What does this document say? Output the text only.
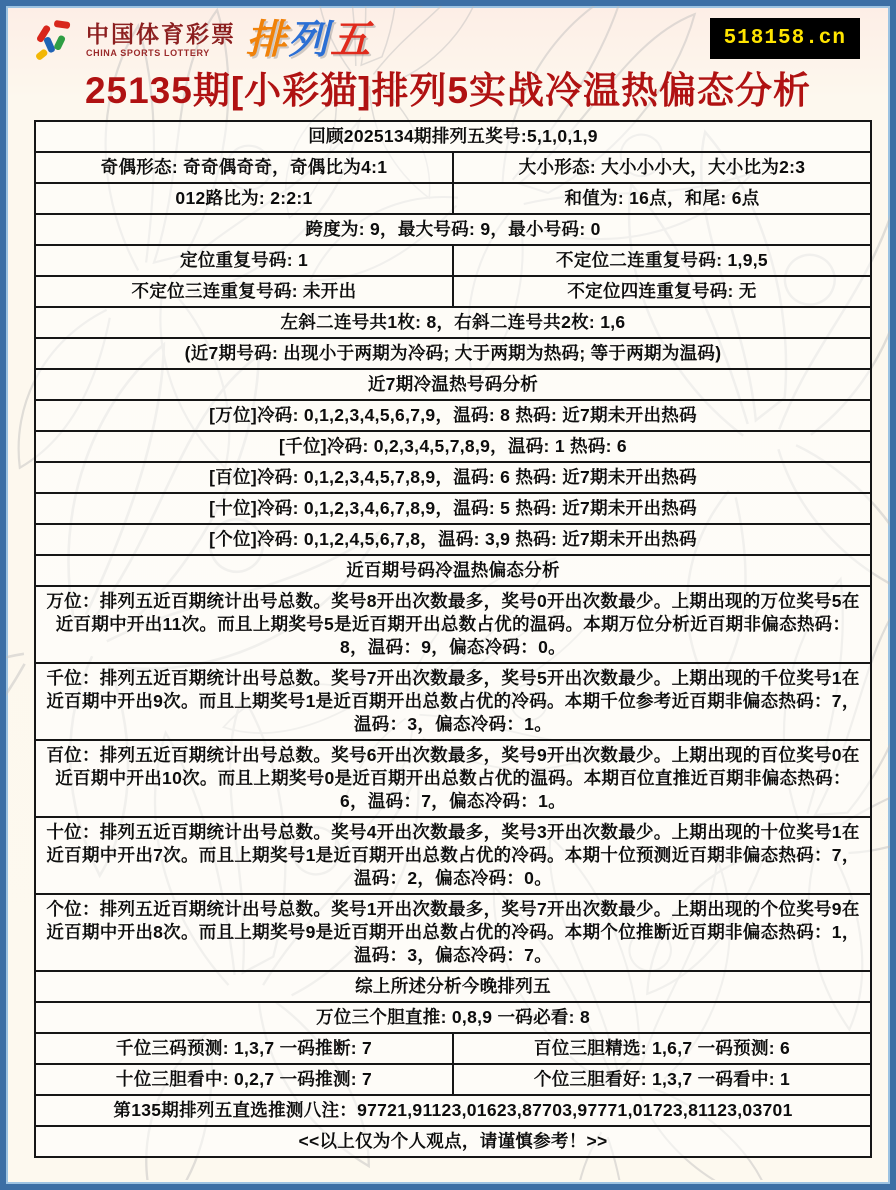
中国体育彩票
CHINA SPORTS LOTTERY 排列五	518158.cn
25135期[小彩猫]排列5实战冷温热偏态分析
回顾2025134期排列五奖号:5,1,0,1,9	
奇偶形态: 奇奇偶奇奇，奇偶比为4:1	大小形态: 大小小小大，大小比为2:3
012路比为: 2:2:1	和值为: 16点，和尾: 6点
跨度为: 9，最大号码: 9，最小号码: 0	
定位重复号码: 1	不定位二连重复号码: 1,9,5
不定位三连重复号码: 未开出	不定位四连重复号码: 无
左斜二连号共1枚: 8，右斜二连号共2枚: 1,6	
(近7期号码: 出现小于两期为冷码; 大于两期为热码; 等于两期为温码)	
近7期冷温热号码分析	
[万位]冷码: 0,1,2,3,4,5,6,7,9，温码: 8 热码: 近7期未开出热码	
[千位]冷码: 0,2,3,4,5,7,8,9，温码: 1 热码: 6	
[百位]冷码: 0,1,2,3,4,5,7,8,9，温码: 6 热码: 近7期未开出热码	
[十位]冷码: 0,1,2,3,4,6,7,8,9，温码: 5 热码: 近7期未开出热码	
[个位]冷码: 0,1,2,4,5,6,7,8，温码: 3,9 热码: 近7期未开出热码	
近百期号码冷温热偏态分析	
万位：排列五近百期统计出号总数。奖号8开出次数最多，奖号0开出次数最少。上期出现的万位奖号5在近百期中开出11次。而且上期奖号5是近百期开出总数占优的温码。本期万位分析近百期非偏态热码：8，温码：9，偏态冷码：0。	
千位：排列五近百期统计出号总数。奖号7开出次数最多，奖号5开出次数最少。上期出现的千位奖号1在近百期中开出9次。而且上期奖号1是近百期开出总数占优的冷码。本期千位参考近百期非偏态热码：7，温码：3，偏态冷码：1。	
百位：排列五近百期统计出号总数。奖号6开出次数最多，奖号9开出次数最少。上期出现的百位奖号0在近百期中开出10次。而且上期奖号0是近百期开出总数占优的温码。本期百位直推近百期非偏态热码：6，温码：7，偏态冷码：1。	
十位：排列五近百期统计出号总数。奖号4开出次数最多，奖号3开出次数最少。上期出现的十位奖号1在近百期中开出7次。而且上期奖号1是近百期开出总数占优的冷码。本期十位预测近百期非偏态热码：7，温码：2，偏态冷码：0。	
个位：排列五近百期统计出号总数。奖号1开出次数最多，奖号7开出次数最少。上期出现的个位奖号9在近百期中开出8次。而且上期奖号9是近百期开出总数占优的冷码。本期个位推断近百期非偏态热码：1，温码：3，偏态冷码：7。	
综上所述分析今晚排列五	
万位三个胆直推: 0,8,9 一码必看: 8	
千位三码预测: 1,3,7 一码推断: 7	百位三胆精选: 1,6,7 一码预测: 6
十位三胆看中: 0,2,7 一码推测: 7	个位三胆看好: 1,3,7 一码看中: 1
第135期排列五直选推测八注：97721,91123,01623,87703,97771,01723,81123,03701	
<<以上仅为个人观点，请谨慎参考！>>	
